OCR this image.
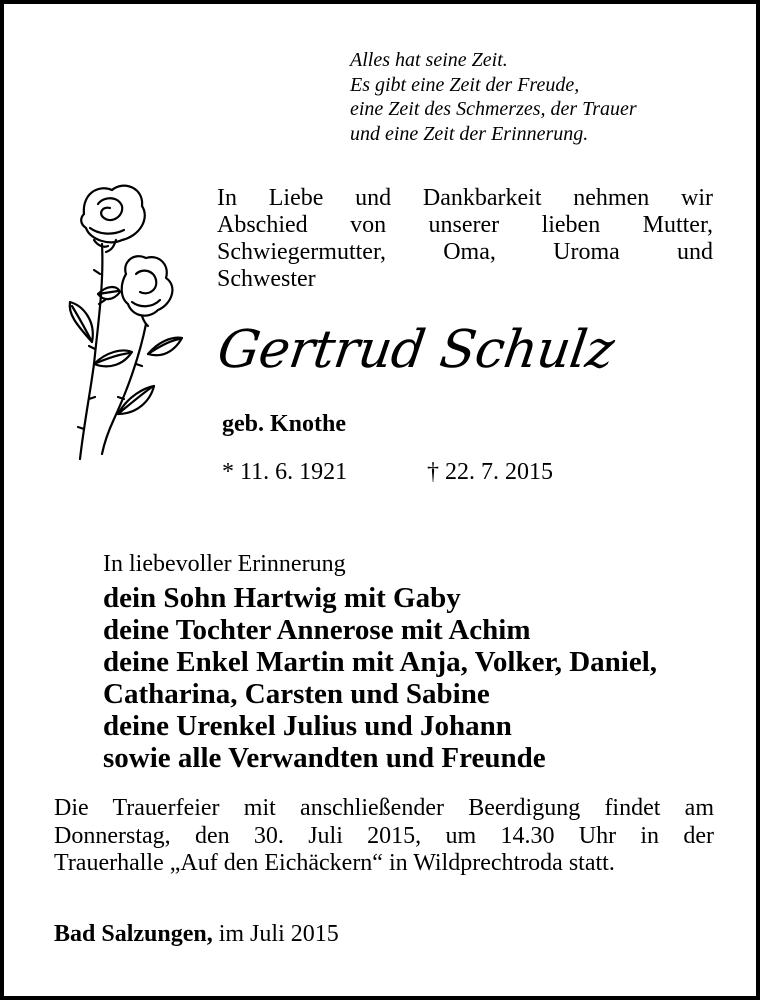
Alles hat seine Zeit.
Es gibt eine Zeit der Freude,
eine Zeit des Schmerzes, der Trauer
und eine Zeit der Erinnerung.
In Liebe und Dankbarkeit nehmen wir
Abschied von unserer lieben Mutter,
Schwiegermutter, Oma, Uroma und
Schwester
Gertrud Schulz
geb. Knothe
* 11. 6. 1921	† 22. 7. 2015
In liebevoller Erinnerung
dein Sohn Hartwig mit Gaby
deine Tochter Annerose mit Achim
deine Enkel Martin mit Anja, Volker, Daniel,
Catharina, Carsten und Sabine
deine Urenkel Julius und Johann
sowie alle Verwandten und Freunde
Die Trauerfeier mit anschließender Beerdigung findet am
Donnerstag, den 30. Juli 2015, um 14.30 Uhr in der
Trauerhalle „Auf den Eichäckern“ in Wildprechtroda statt.
Bad Salzungen, im Juli 2015
